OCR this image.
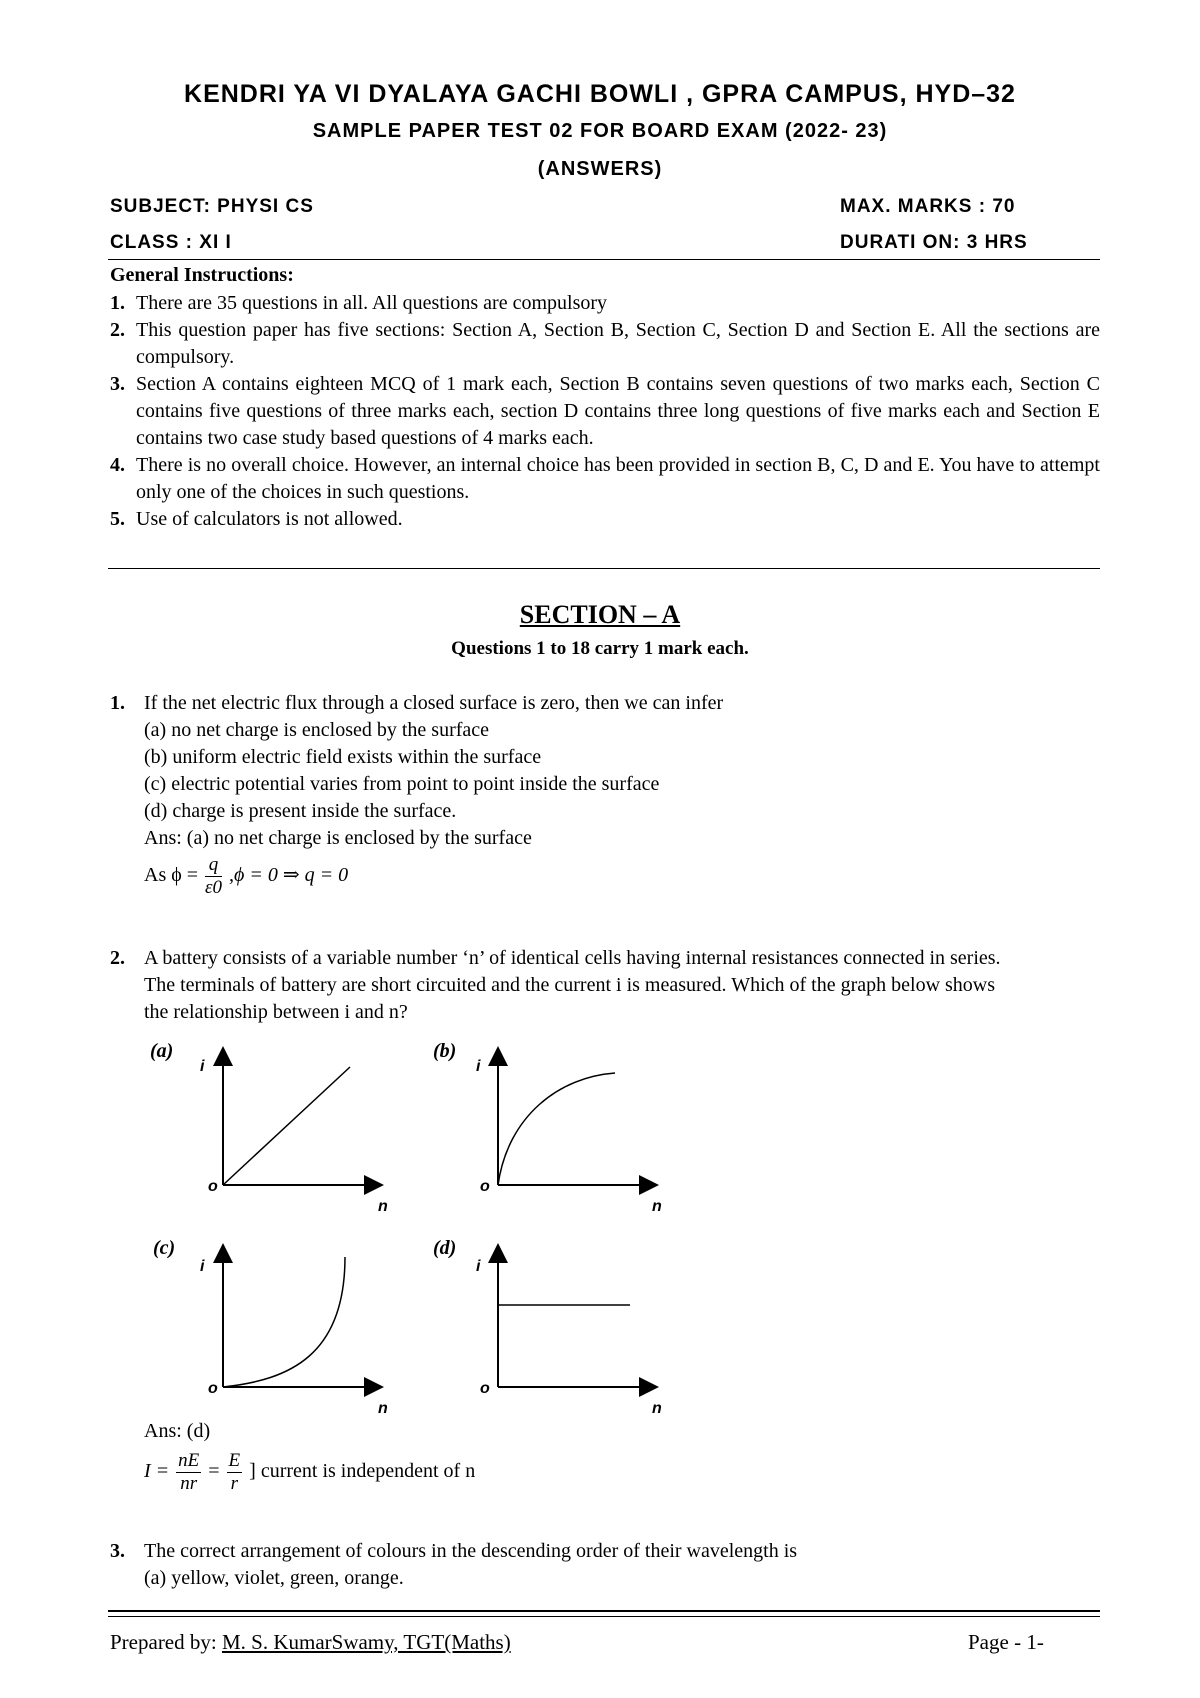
KENDRI YA VI DYALAYA GACHI BOWLI , GPRA CAMPUS, HYD–32
SAMPLE PAPER TEST 02 FOR BOARD EXAM (2022- 23)
(ANSWERS)
SUBJECT: PHYSI CS	MAX. MARKS : 70
CLASS : XI I	DURATI ON: 3 HRS
General Instructions:
1. There are 35 questions in all. All questions are compulsory
2. This question paper has five sections: Section A, Section B, Section C, Section D and Section E. All the sections are compulsory.
3. Section A contains eighteen MCQ of 1 mark each, Section B contains seven questions of two marks each, Section C contains five questions of three marks each, section D contains three long questions of five marks each and Section E contains two case study based questions of 4 marks each.
4. There is no overall choice. However, an internal choice has been provided in section B, C, D and E. You have to attempt only one of the choices in such questions.
5. Use of calculators is not allowed.
SECTION – A
Questions 1 to 18 carry 1 mark each.
1. If the net electric flux through a closed surface is zero, then we can infer
(a) no net charge is enclosed by the surface
(b) uniform electric field exists within the surface
(c) electric potential varies from point to point inside the surface
(d) charge is present inside the surface.
Ans: (a) no net charge is enclosed by the surface
As $\phi = \frac{q}{\varepsilon 0} ,\phi = 0$ ⇒ q = 0
2. A battery consists of a variable number ‘n’ of identical cells having internal resistances connected in series. The terminals of battery are short circuited and the current i is measured. Which of the graph below shows the relationship between i and n?
(a)
i
o
n
(b)
i
o
n
(c)
i
o
n
(d)
i
o
n
Ans: (d)
$I = \frac{nE}{nr} = \frac{E}{r}$ ] current is independent of n
3. The correct arrangement of colours in the descending order of their wavelength is
(a) yellow, violet, green, orange.
Prepared by: M. S. KumarSwamy, TGT(Maths)	Page - 1-
